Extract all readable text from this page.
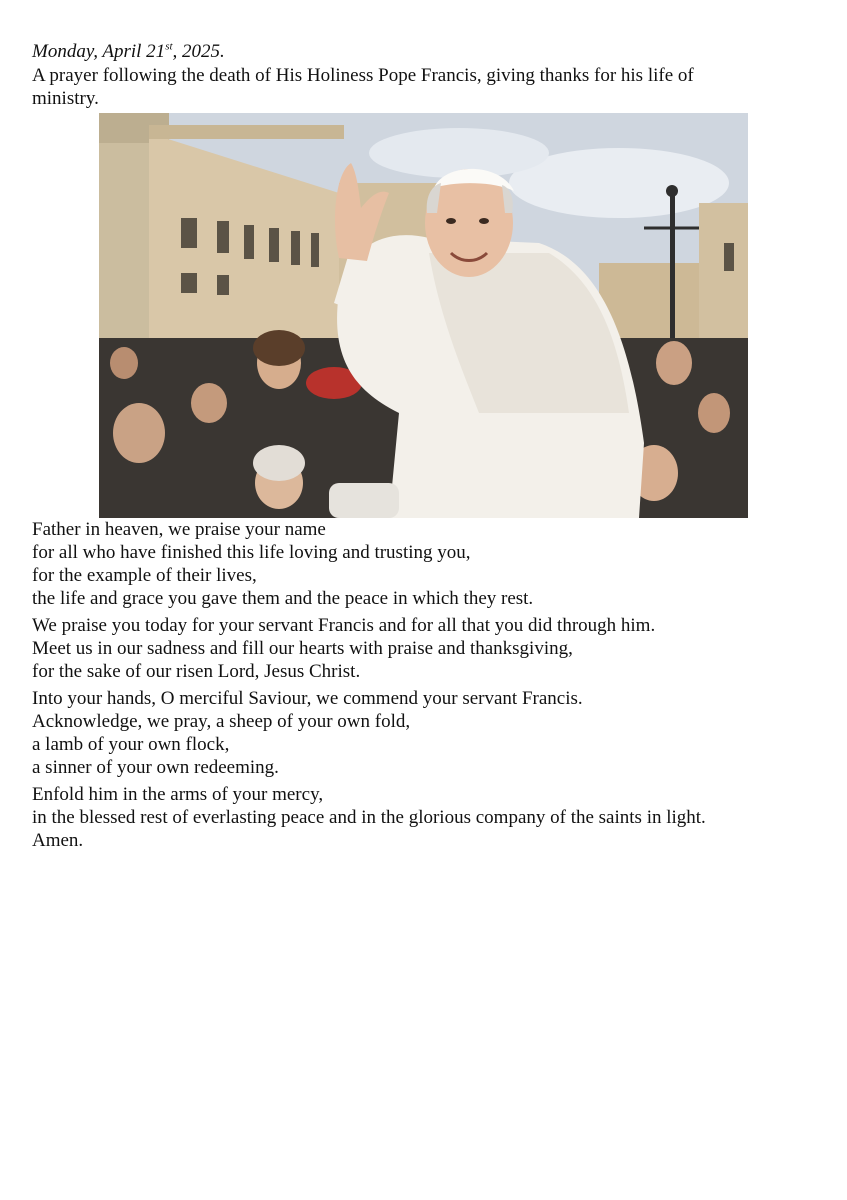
Monday, April 21st, 2025.

A prayer following the death of His Holiness Pope Francis, giving thanks for his life of ministry.

Father in heaven, we praise your name
for all who have finished this life loving and trusting you,
for the example of their lives,
the life and grace you gave them and the peace in which they rest.
We praise you today for your servant Francis and for all that you did through him.
Meet us in our sadness and fill our hearts with praise and thanksgiving,
for the sake of our risen Lord, Jesus Christ.
Into your hands, O merciful Saviour, we commend your servant Francis.
Acknowledge, we pray, a sheep of your own fold,
a lamb of your own flock,
a sinner of your own redeeming.
Enfold him in the arms of your mercy,
in the blessed rest of everlasting peace and in the glorious company of the saints in light.
Amen.
